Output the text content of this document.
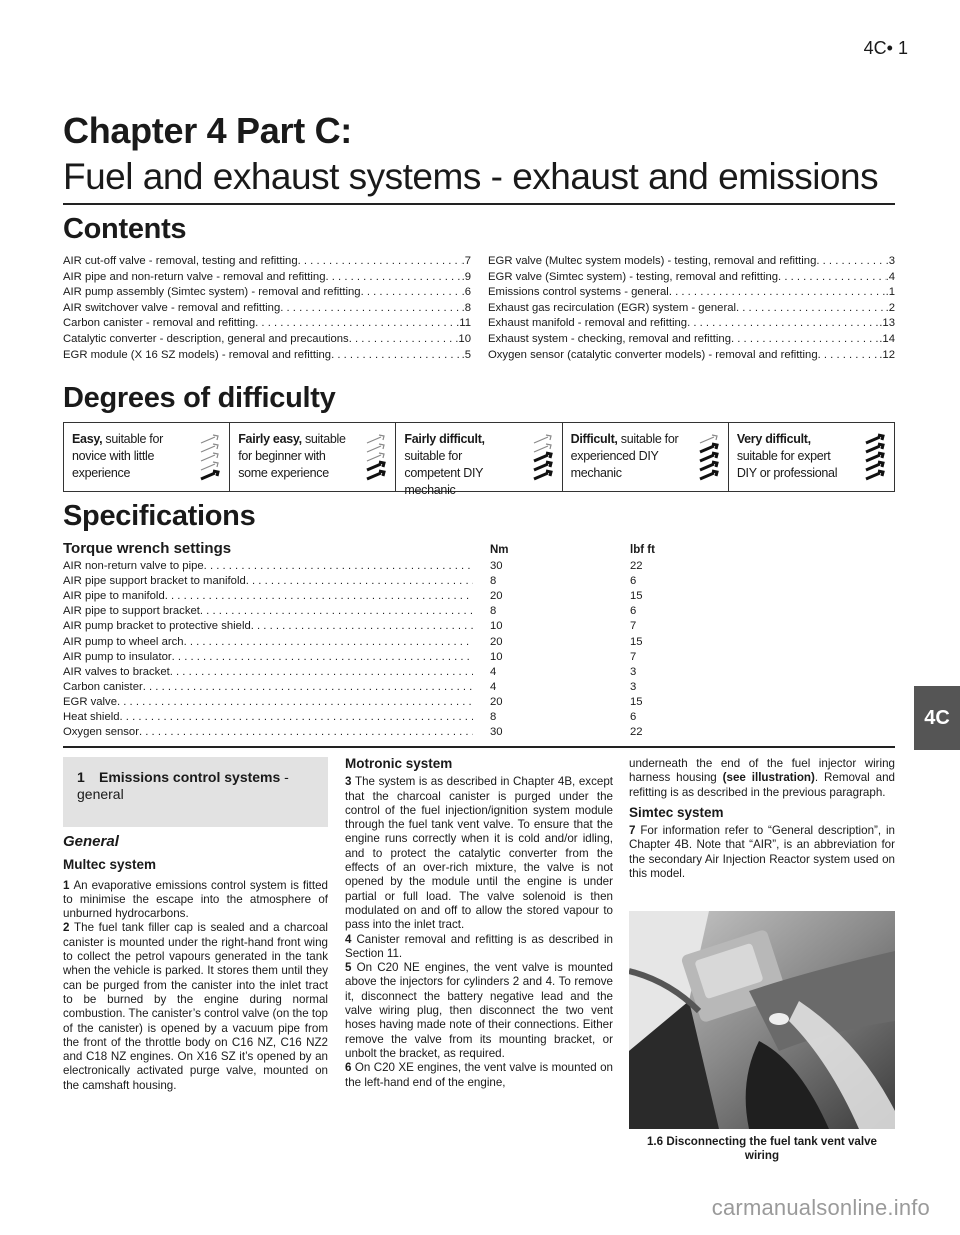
4C• 1
Chapter 4 Part C:
Fuel and exhaust systems - exhaust and emissions
Contents
AIR cut-off valve - removal, testing and refitting . . .	.7
AIR pipe and non-return valve - removal and refitting . . .	.9
AIR pump assembly (Simtec system) - removal and refitting . . .	.6
AIR switchover valve - removal and refitting . . .	.8
Carbon canister - removal and refitting . . .	.11
Catalytic converter - description, general and precautions . . .	.10
EGR module (X 16 SZ models) - removal and refitting . . .	.5
EGR valve (Multec system models) - testing, removal and refitting . . .	.3
EGR valve (Simtec system) - testing, removal and refitting . . .	.4
Emissions control systems - general . . .	.1
Exhaust gas recirculation (EGR) system - general . . .	.2
Exhaust manifold - removal and refitting . . .	.13
Exhaust system - checking, removal and refitting . . .	.14
Oxygen sensor (catalytic converter models) - removal and refitting . . .	.12
Degrees of difficulty
Easy, suitable for novice with little experience
Fairly easy, suitable for beginner with some experience
Fairly difficult, suitable for competent DIY mechanic
Difficult, suitable for experienced DIY mechanic
Very difficult, suitable for expert DIY or professional
Specifications
Torque wrench settings	Nm	lbf ft
AIR non-return valve to pipe . . .	30	22
AIR pipe support bracket to manifold . . .	8	6
AIR pipe to manifold . . .	20	15
AIR pipe to support bracket . . .	8	6
AIR pump bracket to protective shield . . .	10	7
AIR pump to wheel arch . . .	20	15
AIR pump to insulator . . .	10	7
AIR valves to bracket . . .	4	3
Carbon canister . . .	4	3
EGR valve . . .	20	15
Heat shield . . .	8	6
Oxygen sensor . . .	30	22
4C
1 Emissions control systems - general
General
Multec system

1 An evaporative emissions control system is fitted to minimise the escape into the atmosphere of unburned hydrocarbons.

2 The fuel tank filler cap is sealed and a charcoal canister is mounted under the right-hand front wing to collect the petrol vapours generated in the tank when the vehicle is parked. It stores them until they can be purged from the canister into the inlet tract to be burned by the engine during normal combustion. The canister’s control valve (on the top of the canister) is opened by a vacuum pipe from the front of the throttle body on C16 NZ, C16 NZ2 and C18 NZ engines. On X16 SZ it’s opened by an electronically activated purge valve, mounted on the camshaft housing.

Motronic system

3 The system is as described in Chapter 4B, except that the charcoal canister is purged under the control of the fuel injection/ignition system module through the fuel tank vent valve. To ensure that the engine runs correctly when it is cold and/or idling, and to protect the catalytic converter from the effects of an over-rich mixture, the valve is not opened by the module until the engine is under partial or full load. The valve solenoid is then modulated on and off to allow the stored vapour to pass into the inlet tract.

4 Canister removal and refitting is as described in Section 11.

5 On C20 NE engines, the vent valve is mounted above the injectors for cylinders 2 and 4. To remove it, disconnect the battery negative lead and the valve wiring plug, then disconnect the two vent hoses having made note of their connections. Either remove the valve from its mounting bracket, or unbolt the bracket, as required.

6 On C20 XE engines, the vent valve is mounted on the left-hand end of the engine,

underneath the end of the fuel injector wiring harness housing (see illustration). Removal and refitting is as described in the previous paragraph.

Simtec system

7 For information refer to “General description”, in Chapter 4B. Note that “AIR”, is an abbreviation for the secondary Air Injection Reactor system used on this model.

1.6 Disconnecting the fuel tank vent valve wiring
carmanualsonline.info
